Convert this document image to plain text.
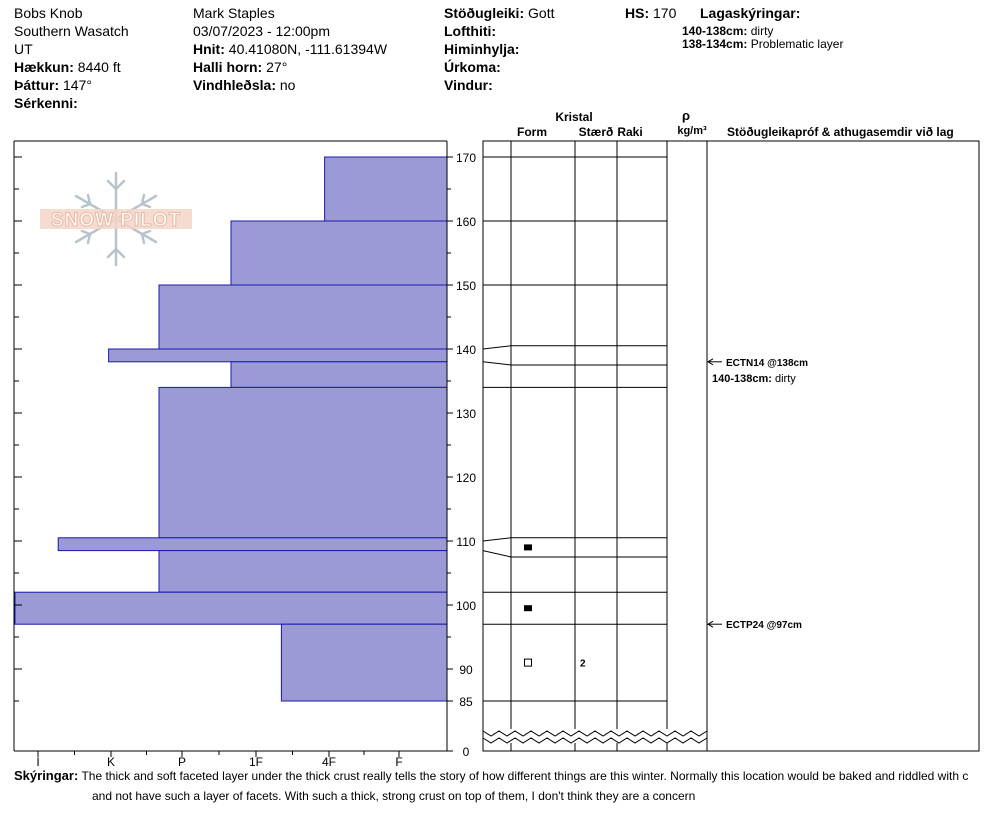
Bobs Knob
Southern Wasatch
UT
Hækkun: 8440 ft
Þáttur: 147°
Sérkenni:
Mark Staples
03/07/2023 - 12:00pm
Hnit: 40.41080N, -111.61394W
Halli horn: 27°
Vindhleðsla: no
Stöðugleiki: Gott
Lofthiti:
Himinhylja:
Úrkoma:
Vindur:
HS: 170 Lagaskýringar:
140-138cm: dirty
138-134cm: Problematic layer
I	K	P	1F	4F	F
170
160
150
140
130
120
110
100
90
85
0
2
ECTN14 @138cm
ECTP24 @97cm
140-138cm: dirty
SNOW PILOT
Kristal
Form	Stærð Raki
ρ
kg/m³ Stöðugleikapróf & athugasemdir við lag
Skýringar: The thick and soft faceted layer under the thick crust really tells the story of how different things are this winter. Normally this location would be baked and riddled with c
and not have such a layer of facets. With such a thick, strong crust on top of them, I don't think they are a concern
